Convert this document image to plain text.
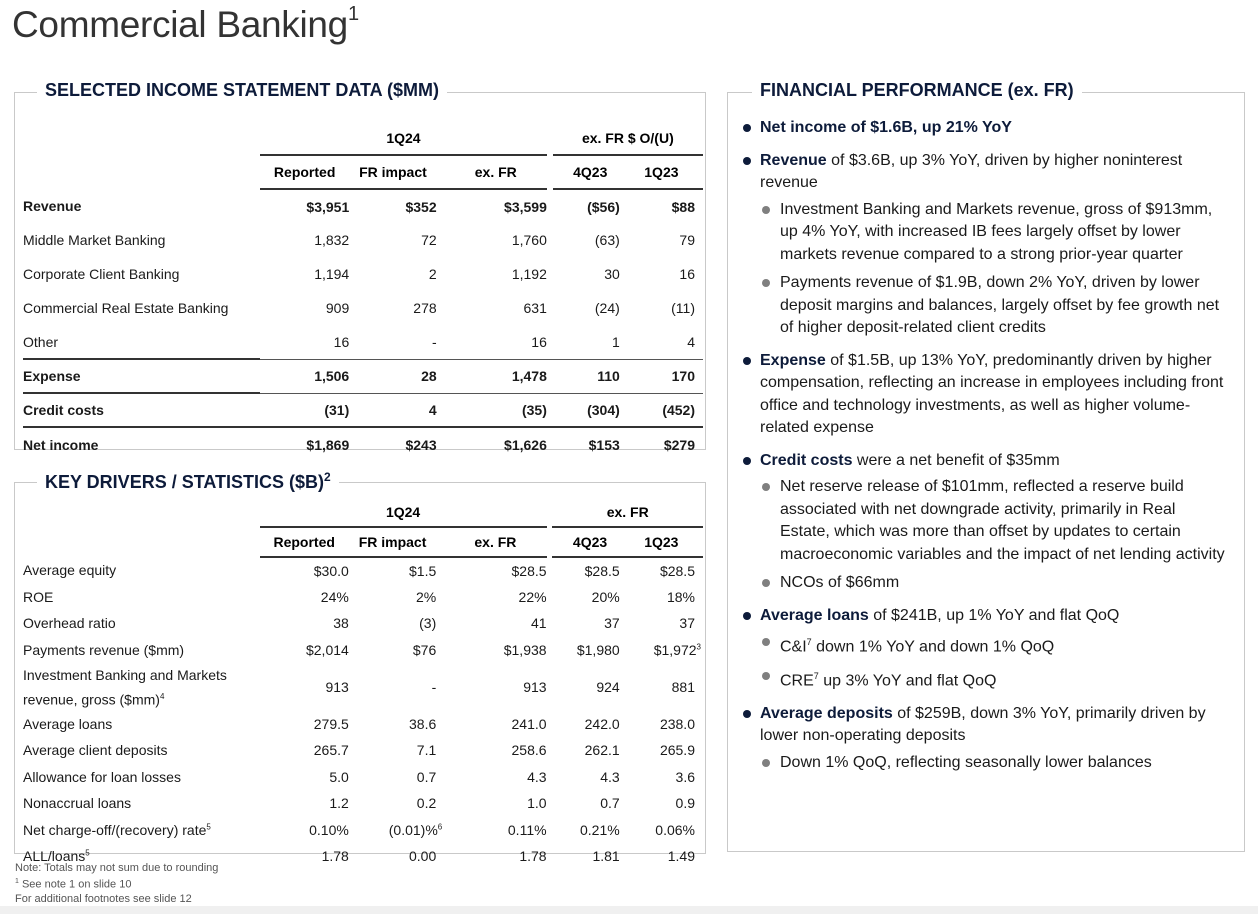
Commercial Banking$^1$
SELECTED INCOME STATEMENT DATA ($MM)
	1Q24				ex. FR $ O/(U)	
	Reported	FR impact	ex. FR		4Q23	1Q23
Revenue	$3,951	$352	$3,599		($56)	$88
Middle Market Banking	1,832	72	1,760		(63)	79
Corporate Client Banking	1,194	2	1,192		30	16
Commercial Real Estate Banking	909	278	631		(24)	(11)
Other	16	-	16		1	4
Expense	1,506	28	1,478		110	170
Credit costs	(31)	4	(35)		(304)	(452)
Net income	$1,869	$243	$1,626		$153	$279
KEY DRIVERS / STATISTICS ($B)$^2$
	1Q24				ex. FR	
	Reported	FR impact	ex. FR		4Q23	1Q23
Average equity	$30.0	$1.5	$28.5		$28.5	$28.5
ROE	24%	2%	22%		20%	18%
Overhead ratio	38	(3)	41		37	37
Payments revenue ($mm)	$2,014	$76	$1,938		$1,980	$1,972$^3$
Investment Banking and Markets revenue, gross ($mm)$^4$	913	-	913		924	881
Average loans	279.5	38.6	241.0		242.0	238.0
Average client deposits	265.7	7.1	258.6		262.1	265.9
Allowance for loan losses	5.0	0.7	4.3		4.3	3.6
Nonaccrual loans	1.2	0.2	1.0		0.7	0.9
Net charge-off/(recovery) rate$^5$	0.10%	(0.01)%$^6$	0.11%		0.21%	0.06%
ALL/loans$^5$	1.78	0.00	1.78		1.81	1.49
FINANCIAL PERFORMANCE (ex. FR)
Net income of $1.6B, up 21% YoY
Revenue of $3.6B, up 3% YoY, driven by higher noninterest revenue
Investment Banking and Markets revenue, gross of $913mm, up 4% YoY, with increased IB fees largely offset by lower markets revenue compared to a strong prior-year quarter
Payments revenue of $1.9B, down 2% YoY, driven by lower deposit margins and balances, largely offset by fee growth net of higher deposit-related client credits
Expense of $1.5B, up 13% YoY, predominantly driven by higher compensation, reflecting an increase in employees including front office and technology investments, as well as higher volume-related expense
Credit costs were a net benefit of $35mm
Net reserve release of $101mm, reflected a reserve build associated with net downgrade activity, primarily in Real Estate, which was more than offset by updates to certain macroeconomic variables and the impact of net lending activity
NCOs of $66mm
Average loans of $241B, up 1% YoY and flat QoQ
$C\&I^7$ down 1% YoY and down 1% QoQ
CRE$^7$ up 3% YoY and flat QoQ
Average deposits of $259B, down 3% YoY, primarily driven by lower non-operating deposits
Down 1% QoQ, reflecting seasonally lower balances
Note: Totals may not sum due to rounding
$^1$ See note 1 on slide 10
For additional footnotes see slide 12
